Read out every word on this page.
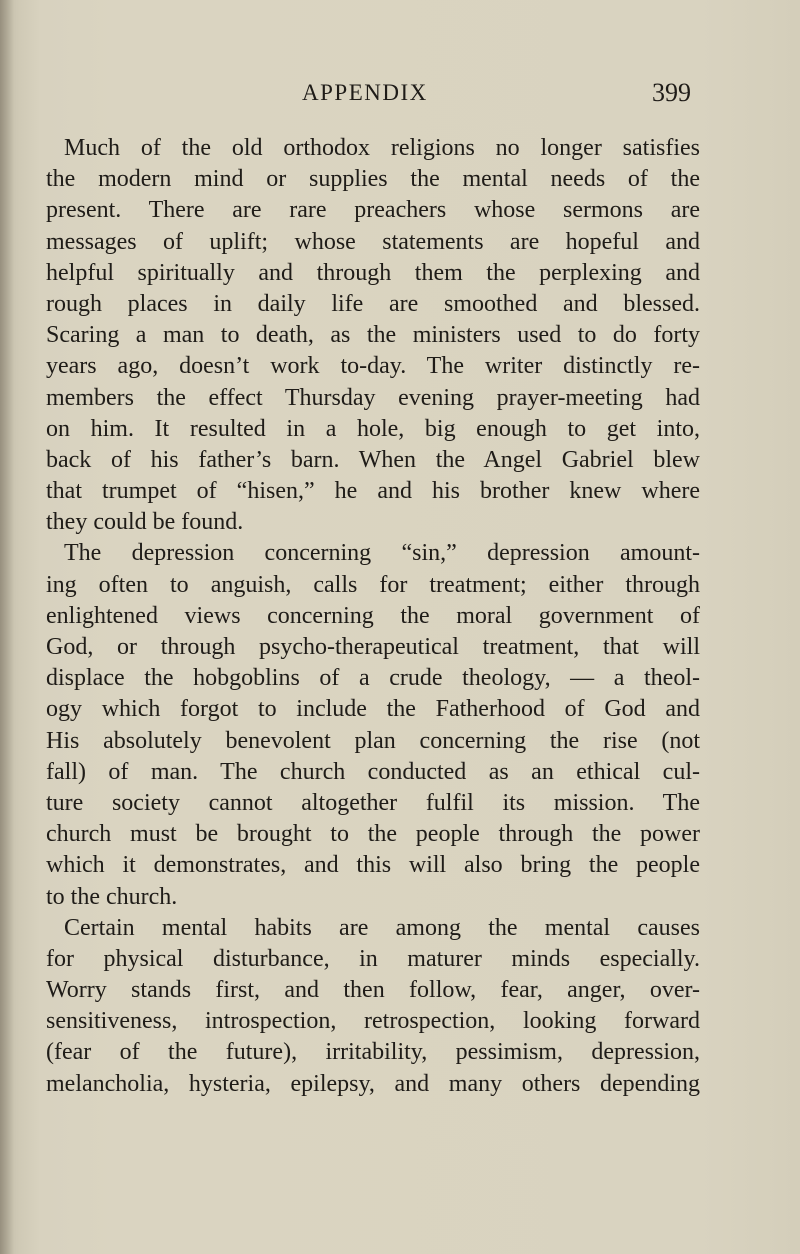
APPENDIX	399
Much of the old orthodox religions no longer satisfies
the modern mind or supplies the mental needs of the
present. There are rare preachers whose sermons are
messages of uplift; whose statements are hopeful and
helpful spiritually and through them the perplexing and
rough places in daily life are smoothed and blessed.
Scaring a man to death, as the ministers used to do forty
years ago, doesn’t work to-day. The writer distinctly re-
members the effect Thursday evening prayer-meeting had
on him. It resulted in a hole, big enough to get into,
back of his father’s barn. When the Angel Gabriel blew
that trumpet of “hisen,” he and his brother knew where
they could be found.
The depression concerning “sin,” depression amount-
ing often to anguish, calls for treatment; either through
enlightened views concerning the moral government of
God, or through psycho-therapeutical treatment, that will
displace the hobgoblins of a crude theology, — a theol-
ogy which forgot to include the Fatherhood of God and
His absolutely benevolent plan concerning the rise (not
fall) of man. The church conducted as an ethical cul-
ture society cannot altogether fulfil its mission. The
church must be brought to the people through the power
which it demonstrates, and this will also bring the people
to the church.
Certain mental habits are among the mental causes
for physical disturbance, in maturer minds especially.
Worry stands first, and then follow, fear, anger, over-
sensitiveness, introspection, retrospection, looking forward
(fear of the future), irritability, pessimism, depression,
melancholia, hysteria, epilepsy, and many others depending
